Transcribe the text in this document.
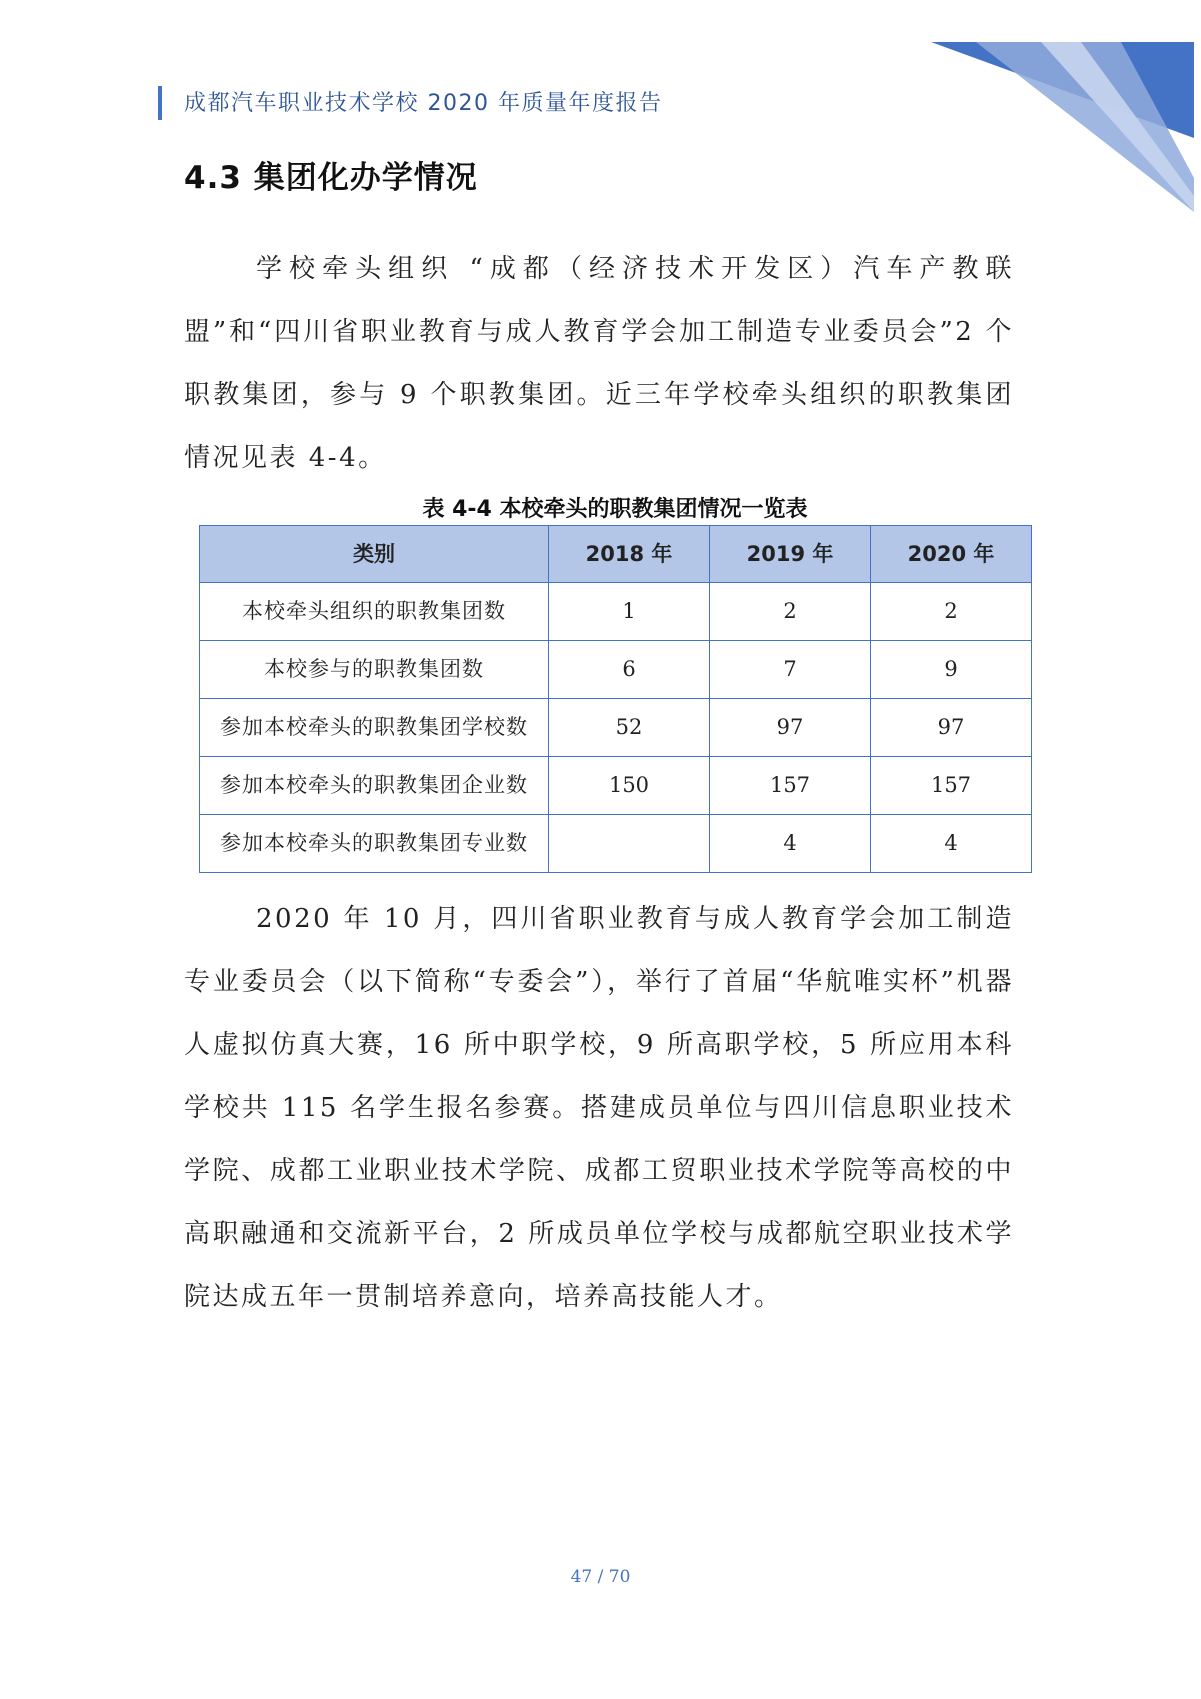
成都汽车职业技术学校 2020 年质量年度报告
4.3 集团化办学情况

学校牵头组织 “成都（经济技术开发区）汽车产教联盟”和“四川省职业教育与成人教育学会加工制造专业委员会”2 个职教集团，参与 9 个职教集团。近三年学校牵头组织的职教集团情况见表 4-4。

表 4-4 本校牵头的职教集团情况一览表
类别	2018 年	2019 年	2020 年
本校牵头组织的职教集团数	1	2	2
本校参与的职教集团数	6	7	9
参加本校牵头的职教集团学校数	52	97	97
参加本校牵头的职教集团企业数	150	157	157
参加本校牵头的职教集团专业数		4	4

2020 年 10 月，四川省职业教育与成人教育学会加工制造专业委员会（以下简称“专委会”），举行了首届“华航唯实杯”机器人虚拟仿真大赛，16 所中职学校，9 所高职学校，5 所应用本科学校共 115 名学生报名参赛。搭建成员单位与四川信息职业技术学院、成都工业职业技术学院、成都工贸职业技术学院等高校的中高职融通和交流新平台，2 所成员单位学校与成都航空职业技术学院达成五年一贯制培养意向，培养高技能人才。

47 / 70
